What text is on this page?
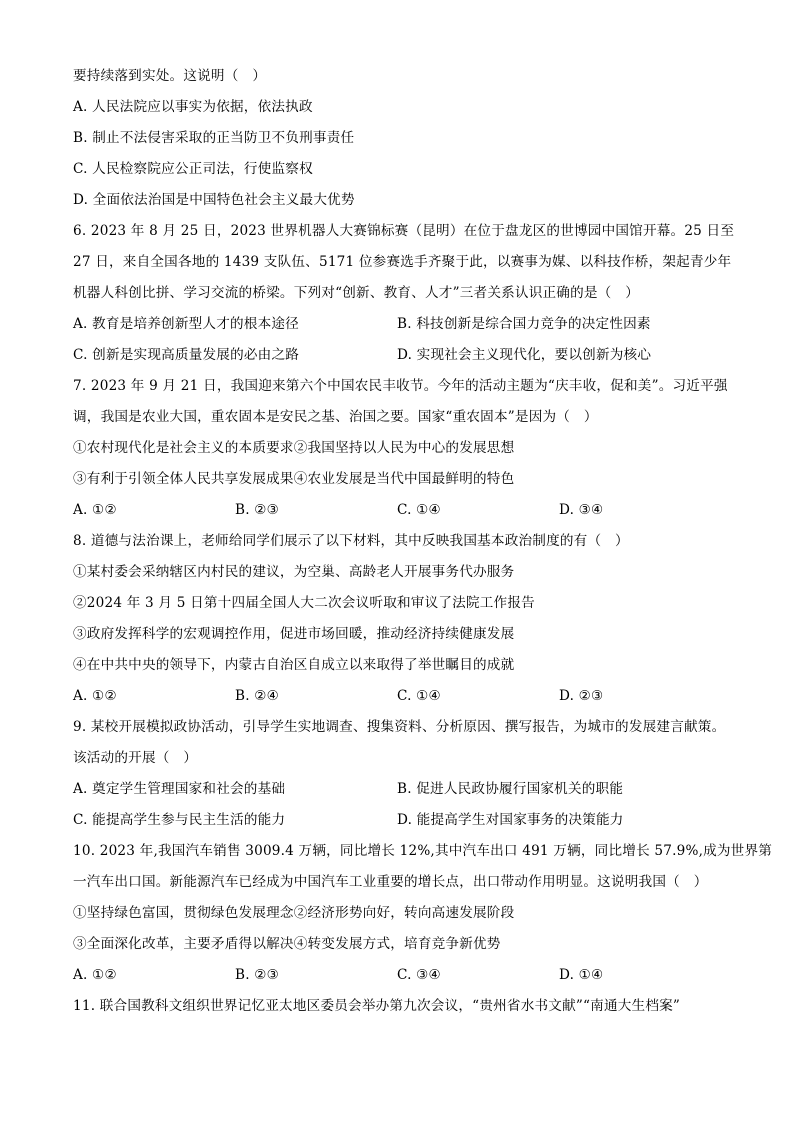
要持续落到实处。这说明（　）
A. 人民法院应以事实为依据，依法执政
B. 制止不法侵害采取的正当防卫不负刑事责任
C. 人民检察院应公正司法，行使监察权
D. 全面依法治国是中国特色社会主义最大优势
6. 2023 年 8 月 25 日，2023 世界机器人大赛锦标赛（昆明）在位于盘龙区的世博园中国馆开幕。25 日至
27 日，来自全国各地的 1439 支队伍、5171 位参赛选手齐聚于此，以赛事为媒、以科技作桥，架起青少年
机器人科创比拼、学习交流的桥梁。下列对“创新、教育、人才”三者关系认识正确的是（　）
A. 教育是培养创新型人才的根本途径	B. 科技创新是综合国力竞争的决定性因素
C. 创新是实现高质量发展的必由之路	D. 实现社会主义现代化，要以创新为核心
7. 2023 年 9 月 21 日，我国迎来第六个中国农民丰收节。今年的活动主题为“庆丰收，促和美”。习近平强
调，我国是农业大国，重农固本是安民之基、治国之要。国家“重农固本”是因为（　）
①农村现代化是社会主义的本质要求②我国坚持以人民为中心的发展思想
③有利于引领全体人民共享发展成果④农业发展是当代中国最鲜明的特色
A. ①②	B. ②③	C. ①④	D. ③④
8. 道德与法治课上，老师给同学们展示了以下材料，其中反映我国基本政治制度的有（　）
①某村委会采纳辖区内村民的建议，为空巢、高龄老人开展事务代办服务
②2024 年 3 月 5 日第十四届全国人大二次会议听取和审议了法院工作报告
③政府发挥科学的宏观调控作用，促进市场回暖，推动经济持续健康发展
④在中共中央的领导下，内蒙古自治区自成立以来取得了举世瞩目的成就
A. ①②	B. ②④	C. ①④	D. ②③
9. 某校开展模拟政协活动，引导学生实地调查、搜集资料、分析原因、撰写报告，为城市的发展建言献策。
该活动的开展（　）
A. 奠定学生管理国家和社会的基础	B. 促进人民政协履行国家机关的职能
C. 能提高学生参与民主生活的能力	D. 能提高学生对国家事务的决策能力
10. 2023 年,我国汽车销售 3009.4 万辆，同比增长 12%,其中汽车出口 491 万辆，同比增长 57.9%,成为世界第
一汽车出口国。新能源汽车已经成为中国汽车工业重要的增长点，出口带动作用明显。这说明我国（　）
①坚持绿色富国，贯彻绿色发展理念②经济形势向好，转向高速发展阶段
③全面深化改革，主要矛盾得以解决④转变发展方式，培育竞争新优势
A. ①②	B. ②③	C. ③④	D. ①④
11. 联合国教科文组织世界记忆亚太地区委员会举办第九次会议，“贵州省水书文献”“南通大生档案”
